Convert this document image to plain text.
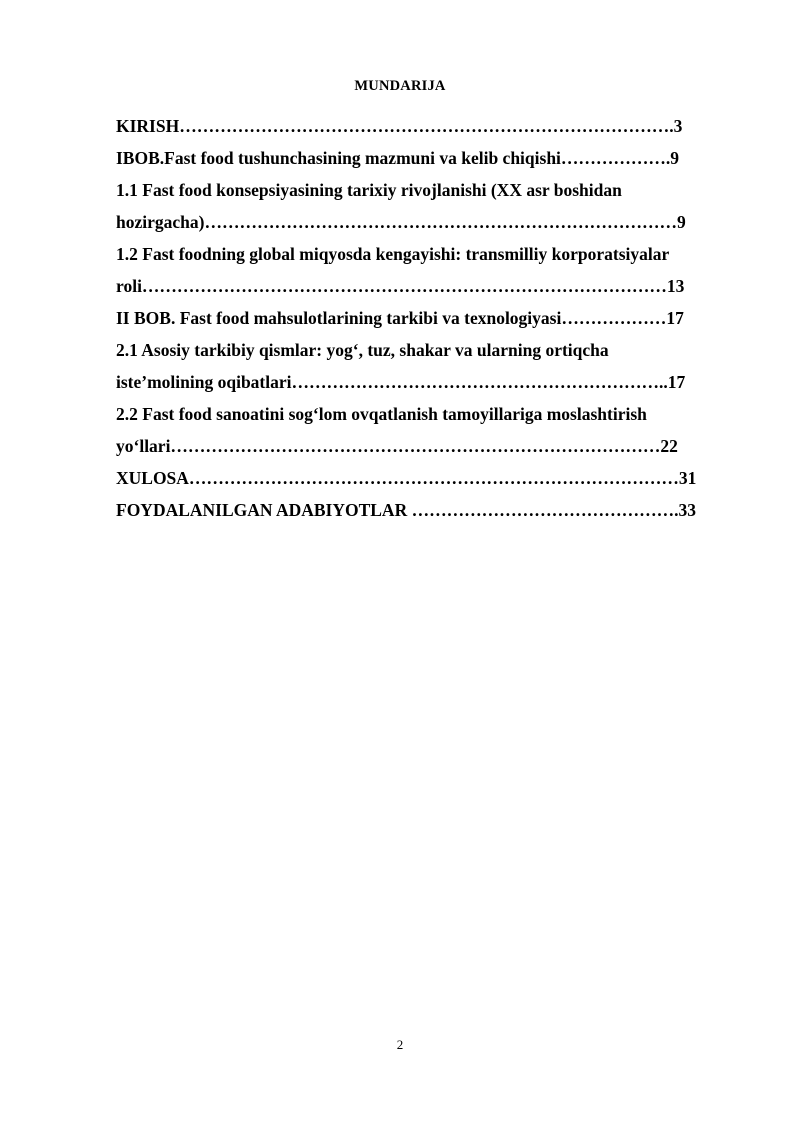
MUNDARIJA
KIRISH………………………………………………………………………….3
IBOB.Fast food tushunchasining mazmuni va kelib chiqishi……………….9
1.1 Fast food konsepsiyasining tarixiy rivojlanishi (XX asr boshidan
hozirgacha)………………………………………………………………………9
1.2 Fast foodning global miqyosda kengayishi: transmilliy korporatsiyalar
roli………………………………………………………………………………13
II BOB. Fast food mahsulotlarining tarkibi va texnologiyasi………………17
2.1 Asosiy tarkibiy qismlar: yog‘, tuz, shakar va ularning ortiqcha
iste’molining oqibatlari………………………………………………………..17
2.2 Fast food sanoatini sog‘lom ovqatlanish tamoyillariga moslashtirish
yo‘llari…………………………………………………………………………22
XULOSA…………………………………………………………………………31
FOYDALANILGAN ADABIYOTLAR ……………………………………….33
2
